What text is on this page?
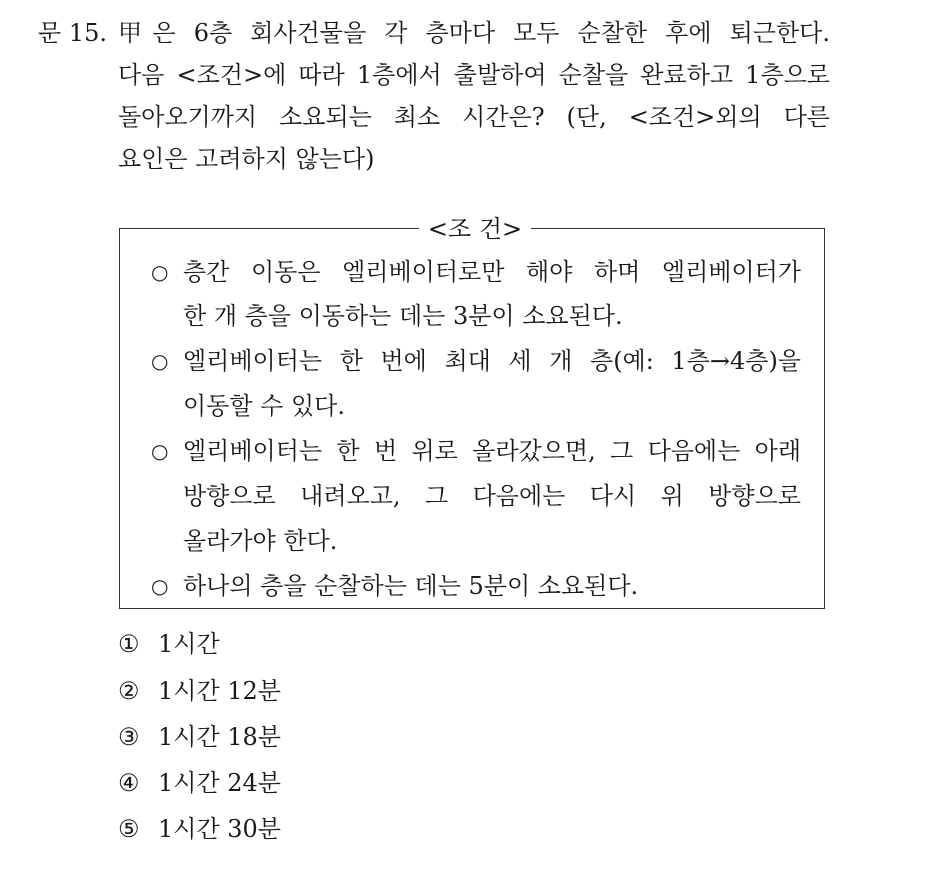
문 15. 甲은 6층 회사건물을 각 층마다 모두 순찰한 후에 퇴근한다.
다음 <조건>에 따라 1층에서 출발하여 순찰을 완료하고 1층으로
돌아오기까지 소요되는 최소 시간은? (단, <조건>외의 다른
요인은 고려하지 않는다)
<조 건>
○ 층간 이동은 엘리베이터로만 해야 하며 엘리베이터가
한 개 층을 이동하는 데는 3분이 소요된다.
○ 엘리베이터는 한 번에 최대 세 개 층(예: 1층→4층)을
이동할 수 있다.
○ 엘리베이터는 한 번 위로 올라갔으면, 그 다음에는 아래
방향으로 내려오고, 그 다음에는 다시 위 방향으로
올라가야 한다.
○ 하나의 층을 순찰하는 데는 5분이 소요된다.
① 1시간
② 1시간 12분
③ 1시간 18분
④ 1시간 24분
⑤ 1시간 30분
